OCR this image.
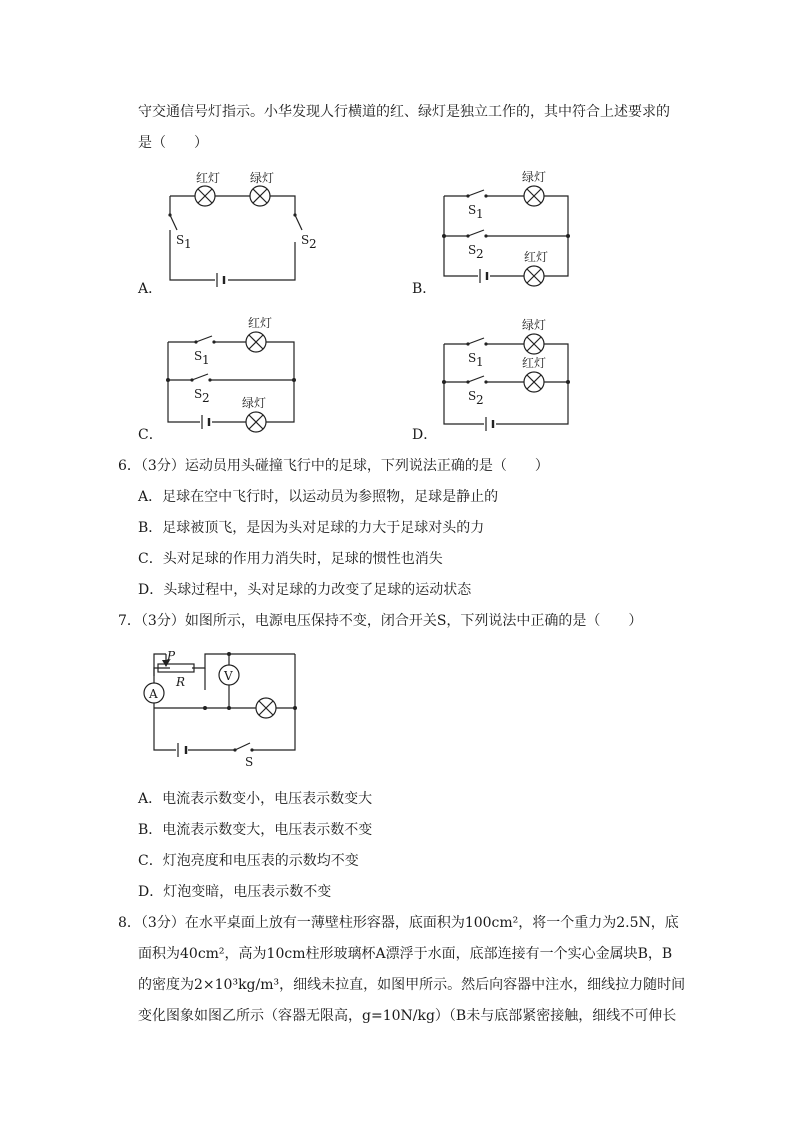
守交通信号灯指示。小华发现人行横道的红、绿灯是独立工作的，其中符合上述要求的
是（　　）
红灯 绿灯
S 1	S 2
A．
绿灯
红灯
S 1
S 2
B．
红灯
绿灯
S 1
S 2
C．
绿灯
红灯
S 1
S 2
D．
6．（3分）运动员用头碰撞飞行中的足球，下列说法正确的是（　　）
A．足球在空中飞行时，以运动员为参照物，足球是静止的
B．足球被顶飞，是因为头对足球的力大于足球对头的力
C．头对足球的作用力消失时，足球的惯性也消失
D．头球过程中，头对足球的力改变了足球的运动状态
7．（3分）如图所示，电源电压保持不变，闭合开关S，下列说法中正确的是（　　）
A
V
P
R
S
A．电流表示数变小，电压表示数变大
B．电流表示数变大，电压表示数不变
C．灯泡亮度和电压表的示数均不变
D．灯泡变暗，电压表示数不变
8．（3分）在水平桌面上放有一薄壁柱形容器，底面积为100cm²，将一个重力为2.5N，底
面积为40cm²，高为10cm柱形玻璃杯A漂浮于水面，底部连接有一个实心金属块B，B
的密度为2×10³kg/m³，细线未拉直，如图甲所示。然后向容器中注水，细线拉力随时间
变化图象如图乙所示（容器无限高，g=10N/kg）（B未与底部紧密接触，细线不可伸长
